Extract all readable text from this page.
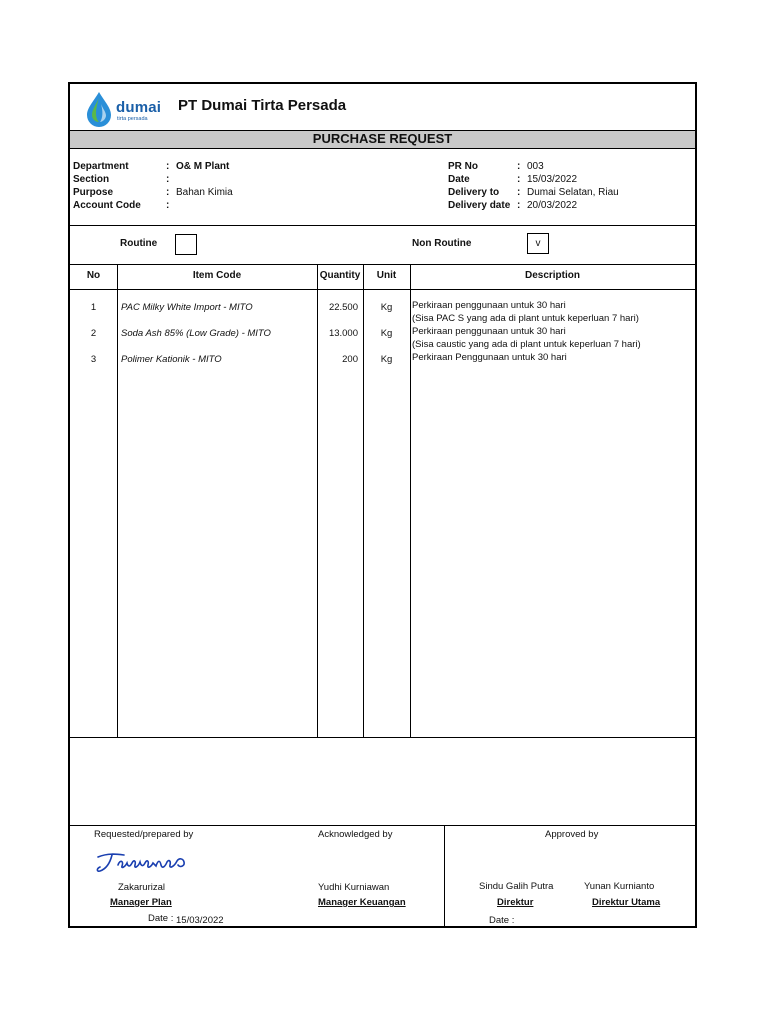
dumai
tirta persada
PT Dumai Tirta Persada
PURCHASE REQUEST
Department	: O& M Plant
Section	:
Purpose	: Bahan Kimia
Account Code	:
PR No	: 003
Date	: 15/03/2022
Delivery to : Dumai Selatan, Riau
Delivery date : 20/03/2022
Routine	Non Routine	v
No	Item Code	Quantity	Unit	Description
1	PAC Milky White Import - MITO	22.500	Kg	Perkiraan penggunaan untuk 30 hari
(Sisa PAC S yang ada di plant untuk keperluan 7 hari)
2	Soda Ash 85% (Low Grade) - MITO	13.000	Kg	Perkiraan penggunaan untuk 30 hari
(Sisa caustic yang ada di plant untuk keperluan 7 hari)
3	Polimer Kationik - MITO	200	Kg	Perkiraan Penggunaan untuk 30 hari
Requested/prepared by	Acknowledged by	Approved by
Zakarurizal
Manager Plan
Date : 15/03/2022
Yudhi Kurniawan
Manager Keuangan
Sindu Galih Putra
Direktur
Yunan Kurnianto
Direktur Utama
Date :
